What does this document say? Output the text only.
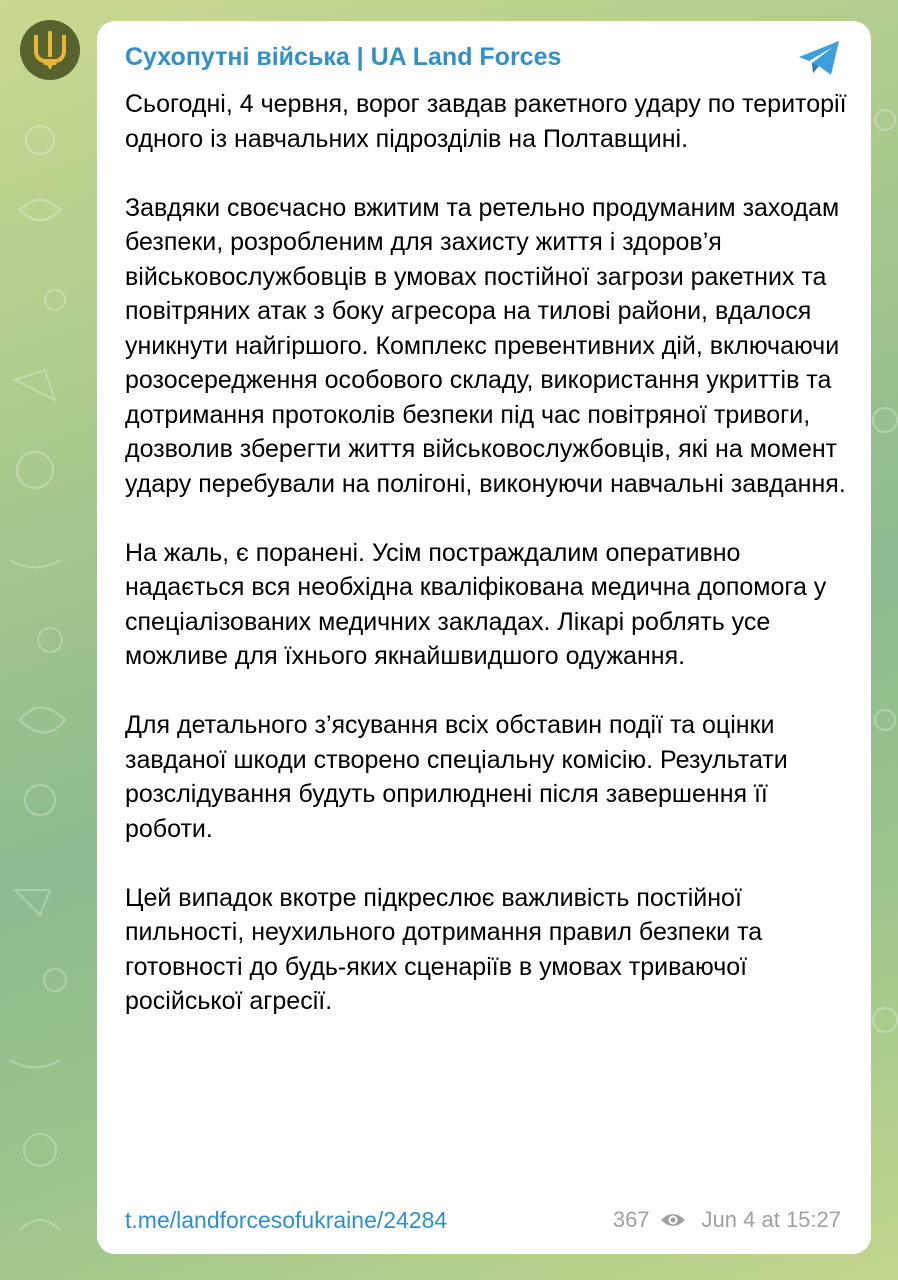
Сухопутні війська | UA Land Forces

Сьогодні, 4 червня, ворог завдав ракетного удару по території одного із навчальних підрозділів на Полтавщині.

Завдяки своєчасно вжитим та ретельно продуманим заходам безпеки, розробленим для захисту життя і здоров’я військовослужбовців в умовах постійної загрози ракетних та повітряних атак з боку агресора на тилові райони, вдалося уникнути найгіршого. Комплекс превентивних дій, включаючи розосередження особового складу, використання укриттів та дотримання протоколів безпеки під час повітряної тривоги, дозволив зберегти життя військовослужбовців, які на момент удару перебували на полігоні, виконуючи навчальні завдання.

На жаль, є поранені. Усім постраждалим оперативно надається вся необхідна кваліфікована медична допомога у спеціалізованих медичних закладах. Лікарі роблять усе можливе для їхнього якнайшвидшого одужання.

Для детального з’ясування всіх обставин події та оцінки завданої шкоди створено спеціальну комісію. Результати розслідування будуть оприлюднені після завершення її роботи.

Цей випадок вкотре підкреслює важливість постійної пильності, неухильного дотримання правил безпеки та готовності до будь-яких сценаріїв в умовах триваючої російської агресії.

t.me/landforcesofukraine/24284	367 Jun 4 at 15:27
